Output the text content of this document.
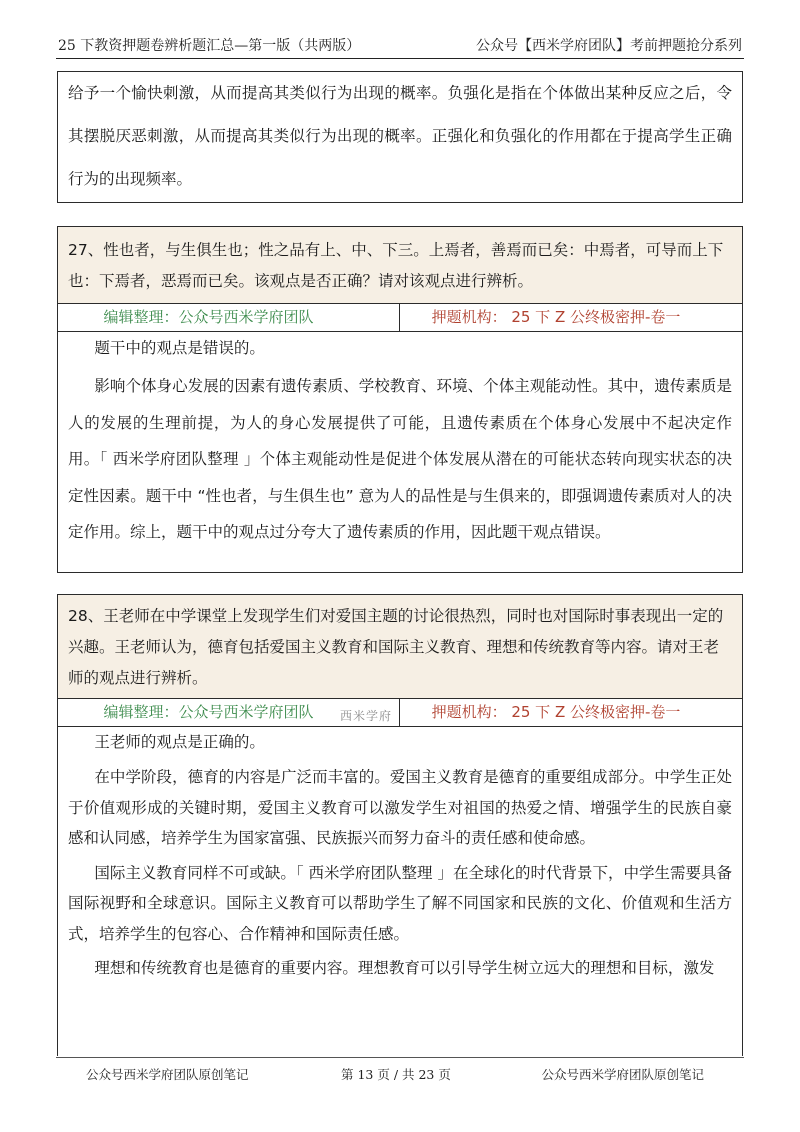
25 下教资押题卷辨析题汇总—第一版（共两版）	公众号【西米学府团队】考前押题抢分系列

给予一个愉快刺激，从而提高其类似行为出现的概率。负强化是指在个体做出某种反应之后，令其摆脱厌恶刺激，从而提高其类似行为出现的概率。正强化和负强化的作用都在于提高学生正确行为的出现频率。

27、性也者，与生俱生也；性之品有上、中、下三。上焉者，善焉而已矣：中焉者，可导而上下也：下焉者，恶焉而已矣。该观点是否正确？请对该观点进行辨析。
编辑整理：公众号西米学府团队	押题机构： 25 下 Z 公终极密押-卷一

题干中的观点是错误的。

影响个体身心发展的因素有遗传素质、学校教育、环境、个体主观能动性。其中，遗传素质是人的发展的生理前提，为人的身心发展提供了可能，且遗传素质在个体身心发展中不起决定作用。「 西米学府团队整理 」个体主观能动性是促进个体发展从潜在的可能状态转向现实状态的决定性因素。题干中 “性也者，与生俱生也” 意为人的品性是与生俱来的，即强调遗传素质对人的决定作用。综上，题干中的观点过分夸大了遗传素质的作用，因此题干观点错误。

28、王老师在中学课堂上发现学生们对爱国主题的讨论很热烈，同时也对国际时事表现出一定的兴趣。王老师认为，德育包括爱国主义教育和国际主义教育、理想和传统教育等内容。请对王老师的观点进行辨析。
编辑整理：公众号西米学府团队	押题机构： 25 下 Z 公终极密押-卷一

王老师的观点是正确的。

在中学阶段，德育的内容是广泛而丰富的。爱国主义教育是德育的重要组成部分。中学生正处于价值观形成的关键时期，爱国主义教育可以激发学生对祖国的热爱之情、增强学生的民族自豪感和认同感，培养学生为国家富强、民族振兴而努力奋斗的责任感和使命感。

国际主义教育同样不可或缺。「 西米学府团队整理 」在全球化的时代背景下，中学生需要具备国际视野和全球意识。国际主义教育可以帮助学生了解不同国家和民族的文化、价值观和生活方式，培养学生的包容心、合作精神和国际责任感。

理想和传统教育也是德育的重要内容。理想教育可以引导学生树立远大的理想和目标，激发

西米学府
公众号西米学府团队原创笔记	第 13 页 / 共 23 页	公众号西米学府团队原创笔记
